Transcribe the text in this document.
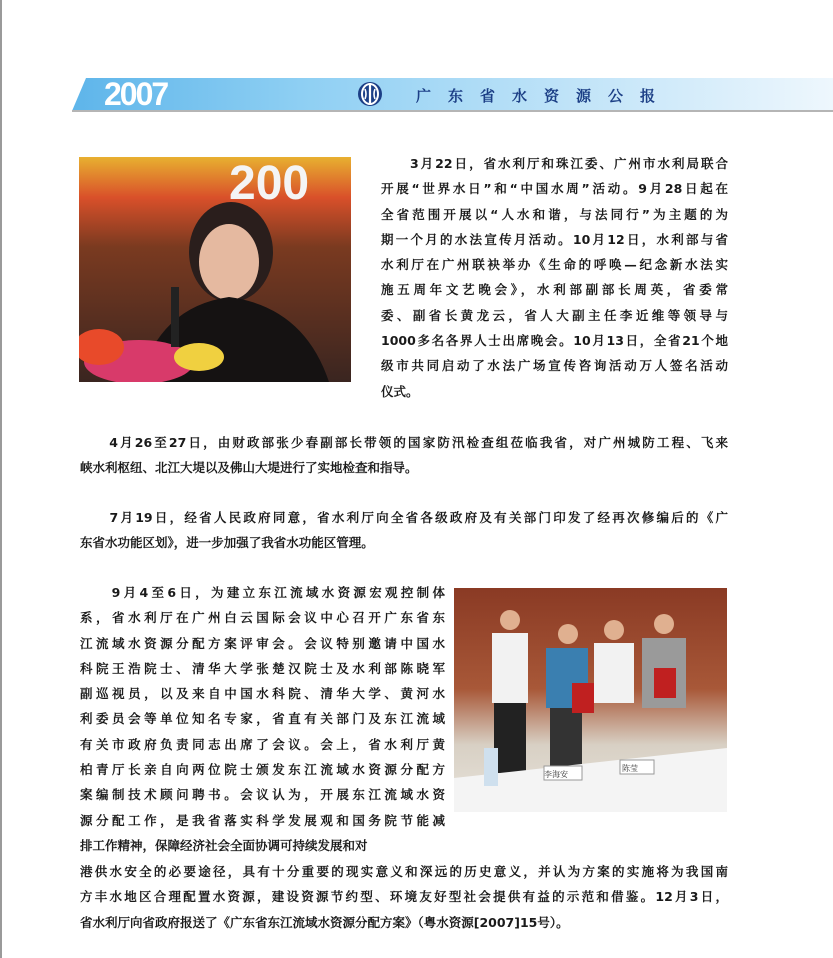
2007	广东省水资源公报
200	　　3月22日，省水利厅和珠江委、广州市水利局联合
开展“世界水日”和“中国水周”活动。9月28日起在
全省范围开展以“人水和谐，与法同行”为主题的为
期一个月的水法宣传月活动。10月12日，水利部与省
水利厅在广州联袂举办《生命的呼唤—纪念新水法实
施五周年文艺晚会》，水利部副部长周英，省委常
委、副省长黄龙云，省人大副主任李近维等领导与
1000多名各界人士出席晚会。10月13日，全省21个地
级市共同启动了水法广场宣传咨询活动万人签名活动
仪式。
　　4月26至27日，由财政部张少春副部长带领的国家防汛检查组莅临我省，对广州城防工程、飞来
峡水利枢纽、北江大堤以及佛山大堤进行了实地检查和指导。
　　7月19日，经省人民政府同意，省水利厅向全省各级政府及有关部门印发了经再次修编后的《广
东省水功能区划》，进一步加强了我省水功能区管理。
　　9月4至6日，为建立东江流域水资源宏观控制体
系，省水利厅在广州白云国际会议中心召开广东省东
江流域水资源分配方案评审会。会议特别邀请中国水
科院王浩院士、清华大学张楚汉院士及水利部陈晓军
副巡视员，以及来自中国水科院、清华大学、黄河水
利委员会等单位知名专家，省直有关部门及东江流域
有关市政府负责同志出席了会议。会上，省水利厅黄
柏青厅长亲自向两位院士颁发东江流域水资源分配方
案编制技术顾问聘书。会议认为，开展东江流域水资
源分配工作，是我省落实科学发展观和国务院节能减
排工作精神，保障经济社会全面协调可持续发展和对
港供水安全的必要途径，具有十分重要的现实意义和深远的历史意义，并认为方案的实施将为我国南
方丰水地区合理配置水资源，建设资源节约型、环境友好型社会提供有益的示范和借鉴。12月3日，
省水利厅向省政府报送了《广东省东江流域水资源分配方案》（粤水资源[2007]15号）。
李海安
陈莹
